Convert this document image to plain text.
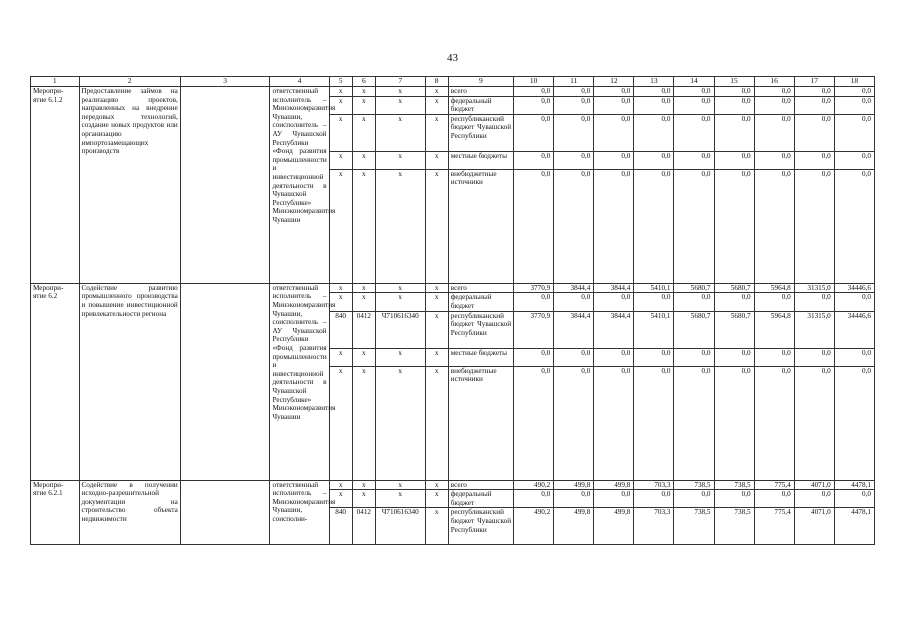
43
1	2	3	4	5	6	7	8	9	10	11	12	13	14	15	16	17	18
Меропри-
ятие 6.1.2	Предоставление займов на реализацию проектов, направленных на внедрение передовых технологий, создание новых продуктов или организацию импортозамещающих производств		ответственный исполнитель – Минэкономразвития Чувашии, соисполнитель – АУ Чувашской Республики «Фонд развития промышленности и инвестиционной деятельности в Чувашской Республике» Минэкономразвития Чувашии	x	x	x	x	всего	0,0	0,0	0,0	0,0	0,0	0,0	0,0	0,0	0,0
				x	x	x	x	федеральный бюджет	0,0	0,0	0,0	0,0	0,0	0,0	0,0	0,0	0,0
				x	x	x	x	республиканский бюджет Чувашской Республики	0,0	0,0	0,0	0,0	0,0	0,0	0,0	0,0	0,0
				x	x	x	x	местные бюджеты	0,0	0,0	0,0	0,0	0,0	0,0	0,0	0,0	0,0
				x	x	x	x	внебюджетные источники	0,0	0,0	0,0	0,0	0,0	0,0	0,0	0,0	0,0
Меропри-
ятие 6.2	Содействие развитию промышленного производства и повышение инвестиционной привлекательности региона		ответственный исполнитель – Минэкономразвития Чувашии, соисполнитель – АУ Чувашской Республики «Фонд развития промышленности и инвестиционной деятельности в Чувашской Республике» Минэкономразвития Чувашии	x	x	x	x	всего	3770,9	3844,4	3844,4	5410,1	5680,7	5680,7	5964,8	31315,0	34446,6
				x	x	x	x	федеральный бюджет	0,0	0,0	0,0	0,0	0,0	0,0	0,0	0,0	0,0
				840	0412	Ч710616340	x	республиканский бюджет Чувашской Республики	3770,9	3844,4	3844,4	5410,1	5680,7	5680,7	5964,8	31315,0	34446,6
				x	x	x	x	местные бюджеты	0,0	0,0	0,0	0,0	0,0	0,0	0,0	0,0	0,0
				x	x	x	x	внебюджетные источники	0,0	0,0	0,0	0,0	0,0	0,0	0,0	0,0	0,0
Меропри-
ятие 6.2.1	Содействие в получении исходно-разрешительной документации на строительство объекта недвижимости		ответственный исполнитель – Минэкономразвития Чувашии, соисполни-	x	x	x	x	всего	490,2	499,8	499,8	703,3	738,5	738,5	775,4	4071,0	4478,1
				x	x	x	x	федеральный бюджет	0,0	0,0	0,0	0,0	0,0	0,0	0,0	0,0	0,0
				840	0412	Ч710616340	x	республиканский бюджет Чувашской Республики	490,2	499,8	499,8	703,3	738,5	738,5	775,4	4071,0	4478,1
